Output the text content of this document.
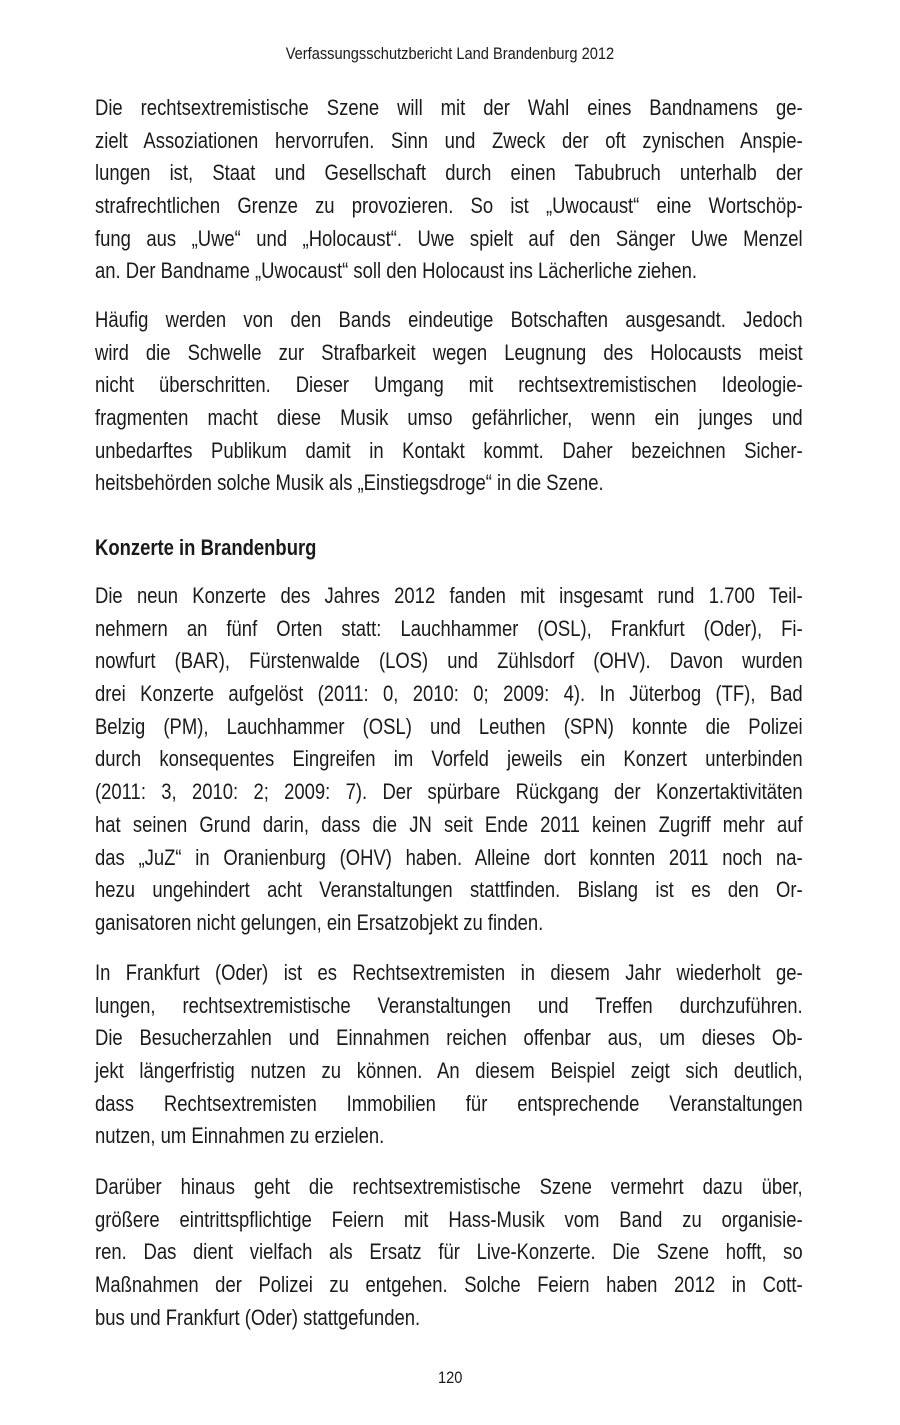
Verfassungsschutzbericht Land Brandenburg 2012
Die rechtsextremistische Szene will mit der Wahl eines Bandnamens ge-
zielt Assoziationen hervorrufen. Sinn und Zweck der oft zynischen Anspie-
lungen ist, Staat und Gesellschaft durch einen Tabubruch unterhalb der
strafrechtlichen Grenze zu provozieren. So ist „Uwocaust“ eine Wortschöp-
fung aus „Uwe“ und „Holocaust“. Uwe spielt auf den Sänger Uwe Menzel
an. Der Bandname „Uwocaust“ soll den Holocaust ins Lächerliche ziehen.
Häufig werden von den Bands eindeutige Botschaften ausgesandt. Jedoch
wird die Schwelle zur Strafbarkeit wegen Leugnung des Holocausts meist
nicht überschritten. Dieser Umgang mit rechtsextremistischen Ideologie-
fragmenten macht diese Musik umso gefährlicher, wenn ein junges und
unbedarftes Publikum damit in Kontakt kommt. Daher bezeichnen Sicher-
heitsbehörden solche Musik als „Einstiegsdroge“ in die Szene.
Konzerte in Brandenburg
Die neun Konzerte des Jahres 2012 fanden mit insgesamt rund 1.700 Teil-
nehmern an fünf Orten statt: Lauchhammer (OSL), Frankfurt (Oder), Fi-
nowfurt (BAR), Fürstenwalde (LOS) und Zühlsdorf (OHV). Davon wurden
drei Konzerte aufgelöst (2011: 0, 2010: 0; 2009: 4). In Jüterbog (TF), Bad
Belzig (PM), Lauchhammer (OSL) und Leuthen (SPN) konnte die Polizei
durch konsequentes Eingreifen im Vorfeld jeweils ein Konzert unterbinden
(2011: 3, 2010: 2; 2009: 7). Der spürbare Rückgang der Konzertaktivitäten
hat seinen Grund darin, dass die JN seit Ende 2011 keinen Zugriff mehr auf
das „JuZ“ in Oranienburg (OHV) haben. Alleine dort konnten 2011 noch na-
hezu ungehindert acht Veranstaltungen stattfinden. Bislang ist es den Or-
ganisatoren nicht gelungen, ein Ersatzobjekt zu finden.
In Frankfurt (Oder) ist es Rechtsextremisten in diesem Jahr wiederholt ge-
lungen, rechtsextremistische Veranstaltungen und Treffen durchzuführen.
Die Besucherzahlen und Einnahmen reichen offenbar aus, um dieses Ob-
jekt längerfristig nutzen zu können. An diesem Beispiel zeigt sich deutlich,
dass Rechtsextremisten Immobilien für entsprechende Veranstaltungen
nutzen, um Einnahmen zu erzielen.
Darüber hinaus geht die rechtsextremistische Szene vermehrt dazu über,
größere eintrittspflichtige Feiern mit Hass-Musik vom Band zu organisie-
ren. Das dient vielfach als Ersatz für Live-Konzerte. Die Szene hofft, so
Maßnahmen der Polizei zu entgehen. Solche Feiern haben 2012 in Cott-
bus und Frankfurt (Oder) stattgefunden.
120
